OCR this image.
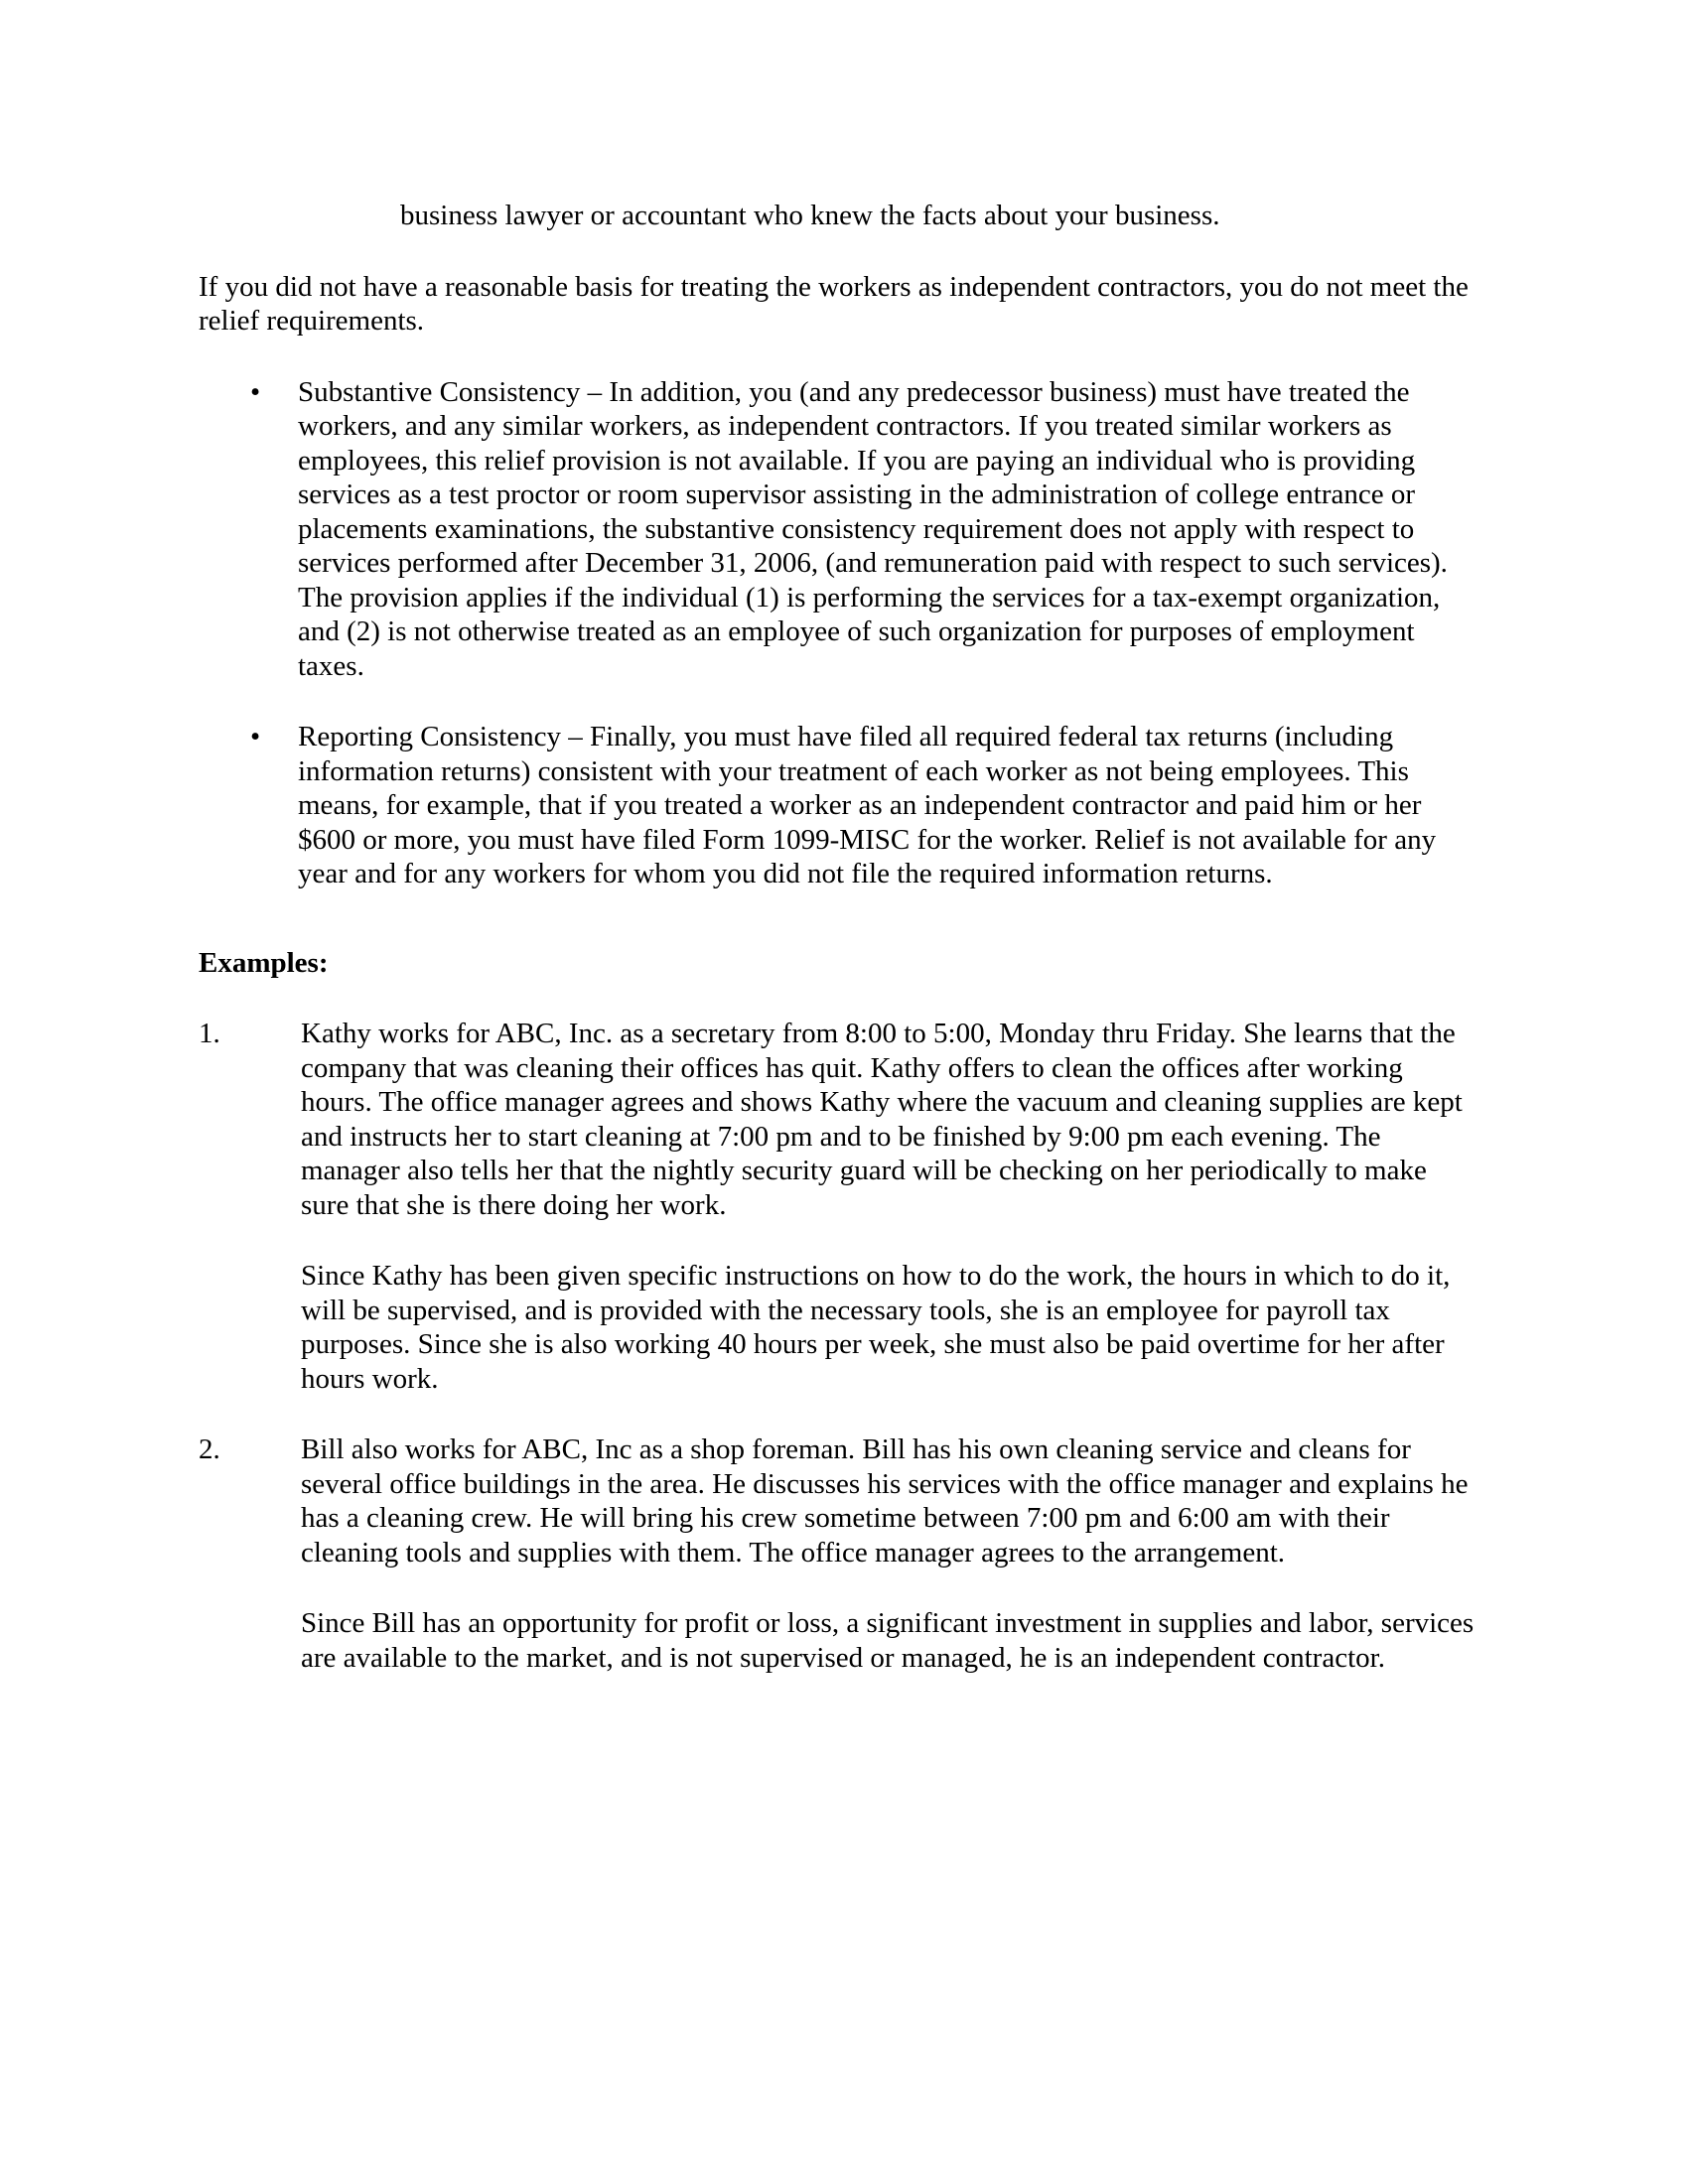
business lawyer or accountant who knew the facts about your business.

If you did not have a reasonable basis for treating the workers as independent contractors, you do not meet the
relief requirements.

• Substantive Consistency – In addition, you (and any predecessor business) must have treated the
workers, and any similar workers, as independent contractors. If you treated similar workers as
employees, this relief provision is not available. If you are paying an individual who is providing
services as a test proctor or room supervisor assisting in the administration of college entrance or
placements examinations, the substantive consistency requirement does not apply with respect to
services performed after December 31, 2006, (and remuneration paid with respect to such services).
The provision applies if the individual (1) is performing the services for a tax-exempt organization,
and (2) is not otherwise treated as an employee of such organization for purposes of employment
taxes.
• Reporting Consistency – Finally, you must have filed all required federal tax returns (including
information returns) consistent with your treatment of each worker as not being employees. This
means, for example, that if you treated a worker as an independent contractor and paid him or her
$600 or more, you must have filed Form 1099-MISC for the worker. Relief is not available for any
year and for any workers for whom you did not file the required information returns.

Examples:

1.	Kathy works for ABC, Inc. as a secretary from 8:00 to 5:00, Monday thru Friday. She learns that the
company that was cleaning their offices has quit. Kathy offers to clean the offices after working
hours. The office manager agrees and shows Kathy where the vacuum and cleaning supplies are kept
and instructs her to start cleaning at 7:00 pm and to be finished by 9:00 pm each evening. The
manager also tells her that the nightly security guard will be checking on her periodically to make
sure that she is there doing her work.
Since Kathy has been given specific instructions on how to do the work, the hours in which to do it,
will be supervised, and is provided with the necessary tools, she is an employee for payroll tax
purposes. Since she is also working 40 hours per week, she must also be paid overtime for her after
hours work.
2.	Bill also works for ABC, Inc as a shop foreman. Bill has his own cleaning service and cleans for
several office buildings in the area. He discusses his services with the office manager and explains he
has a cleaning crew. He will bring his crew sometime between 7:00 pm and 6:00 am with their
cleaning tools and supplies with them. The office manager agrees to the arrangement.
Since Bill has an opportunity for profit or loss, a significant investment in supplies and labor, services
are available to the market, and is not supervised or managed, he is an independent contractor.
